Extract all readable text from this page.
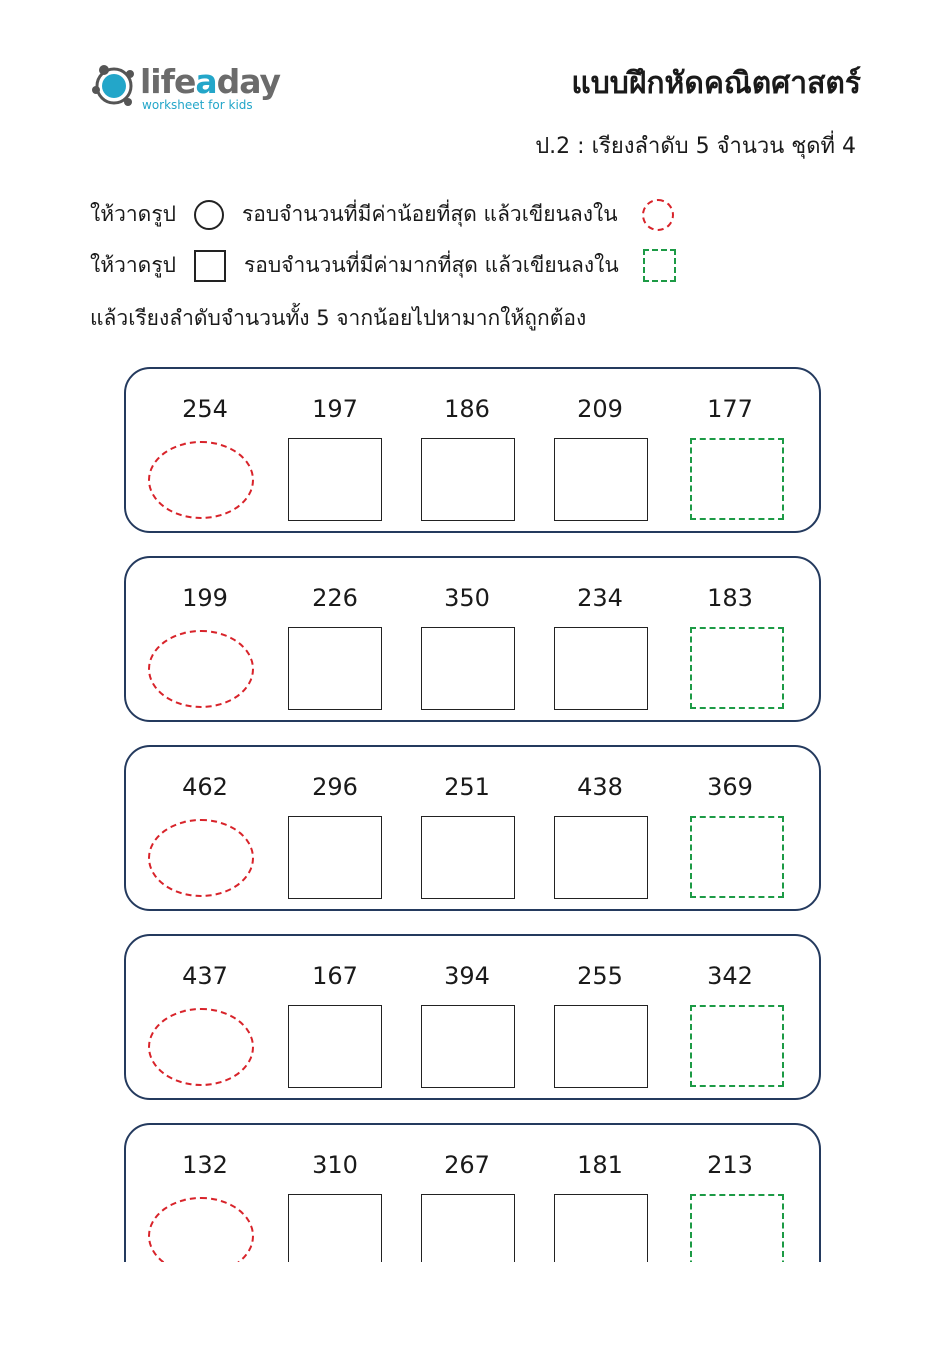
lifeaday
worksheet for kids
แบบฝึกหัดคณิตศาสตร์
ป.2 : เรียงลำดับ 5 จำนวน ชุดที่ 4
ให้วาดรูป	รอบจำนวนที่มีค่าน้อยที่สุด แล้วเขียนลงใน
ให้วาดรูป	รอบจำนวนที่มีค่ามากที่สุด แล้วเขียนลงใน
แล้วเรียงลำดับจำนวนทั้ง 5 จากน้อยไปหามากให้ถูกต้อง
254	197	186	209	177
199	226	350	234	183
462	296	251	438	369
437	167	394	255	342
132	310	267	181	213
